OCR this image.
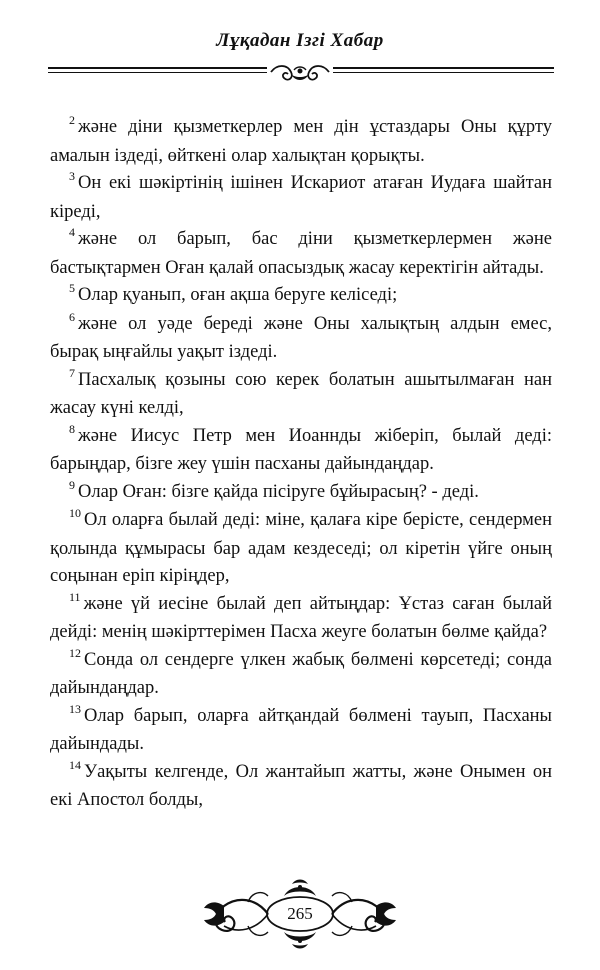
Лұқадан Ізгі Хабар

$^2$ және діни қызметкерлер мен дін ұстаздары Оны құрту амалын іздеді, өйткені олар халықтан қорықты.

$^3$ Он екі шәкіртінің ішінен Искариот атаған Иудаға шайтан кіреді,

$^4$ және ол барып, бас діни қызметкерлермен және бастықтармен Оған қалай опасыздық жасау керектігін айтады.

$^5$ Олар қуанып, оған ақша беруге келіседі;

$^6$ және ол уәде береді және Оны халықтың алдын емес, бырақ ыңғайлы уақыт іздеді.

$^7$ Пасхалық қозыны сою керек болатын ашытылмаған нан жасау күні келді,

$^8$ және Иисус Петр мен Иоаннды жіберіп, былай деді: барыңдар, бізге жеу үшін пасханы дайындаңдар.

$^9$ Олар Оған: бізге қайда пісіруге бұйырасың? - деді.

$^{10}$ Ол оларға былай деді: міне, қалаға кіре берісте, сендермен қолында құмырасы бар адам кездеседі; ол кіретін үйге оның соңынан еріп кіріңдер,

$^{11}$ және үй иесіне былай деп айтыңдар: Ұстаз саған былай дейді: менің шәкірттерімен Пасха жеуге болатын бөлме қайда?

$^{12}$ Сонда ол сендерге үлкен жабық бөлмені көрсетеді; сонда дайындаңдар.

$^{13}$ Олар барып, оларға айтқандай бөлмені тауып, Пасханы дайындады.

$^{14}$ Уақыты келгенде, Ол жантайып жатты, және Онымен он екі Апостол болды,

265
